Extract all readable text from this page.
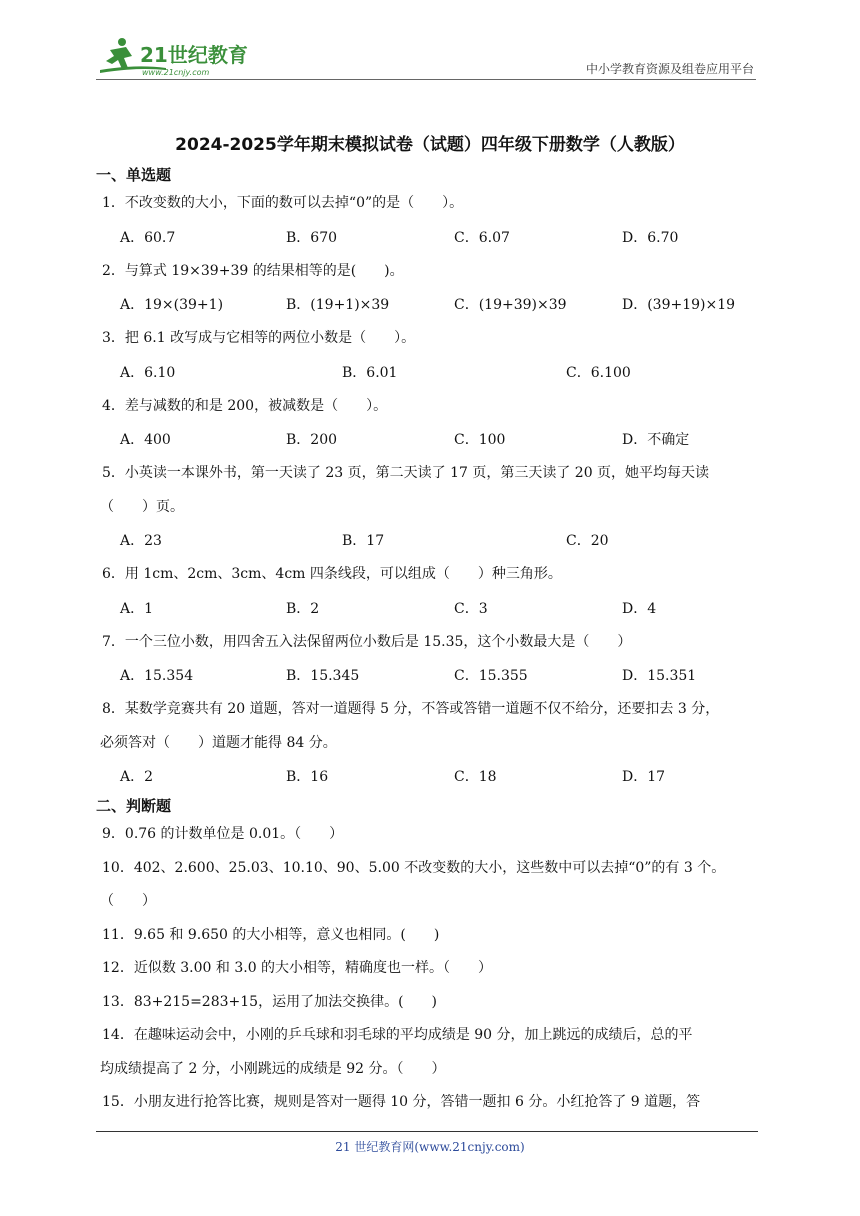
21世纪教育
www.21cnjy.com	中小学教育资源及组卷应用平台
2024-2025学年期末模拟试卷（试题）四年级下册数学（人教版）
一、单选题
1．不改变数的大小，下面的数可以去掉“0”的是（　　）。
A．60.7	B．670	C．6.07	D．6.70
2．与算式 19×39+39 的结果相等的是(　　)。
A．19×(39+1)	B．(19+1)×39	C．(19+39)×39	D．(39+19)×19
3．把 6.1 改写成与它相等的两位小数是（　　）。
A．6.10	B．6.01	C．6.100
4．差与减数的和是 200，被减数是（　　）。
A．400	B．200	C．100	D．不确定
5．小英读一本课外书，第一天读了 23 页，第二天读了 17 页，第三天读了 20 页，她平均每天读
（　　）页。
A．23	B．17	C．20
6．用 1cm、2cm、3cm、4cm 四条线段，可以组成（　　）种三角形。
A．1	B．2	C．3	D．4
7．一个三位小数，用四舍五入法保留两位小数后是 15.35，这个小数最大是（　　）
A．15.354	B．15.345	C．15.355	D．15.351
8．某数学竞赛共有 20 道题，答对一道题得 5 分，不答或答错一道题不仅不给分，还要扣去 3 分，
必须答对（　　）道题才能得 84 分。
A．2	B．16	C．18	D．17
二、判断题
9．0.76 的计数单位是 0.01。（　　）
10．402、2.600、25.03、10.10、90、5.00 不改变数的大小，这些数中可以去掉“0”的有 3 个。
（　　）
11．9.65 和 9.650 的大小相等，意义也相同。(　　)
12．近似数 3.00 和 3.0 的大小相等，精确度也一样。（　　）
13．83+215=283+15，运用了加法交换律。(　　)
14．在趣味运动会中，小刚的乒乓球和羽毛球的平均成绩是 90 分，加上跳远的成绩后，总的平
均成绩提高了 2 分，小刚跳远的成绩是 92 分。（　　）
15．小朋友进行抢答比赛，规则是答对一题得 10 分，答错一题扣 6 分。小红抢答了 9 道题，答
21 世纪教育网(www.21cnjy.com)
